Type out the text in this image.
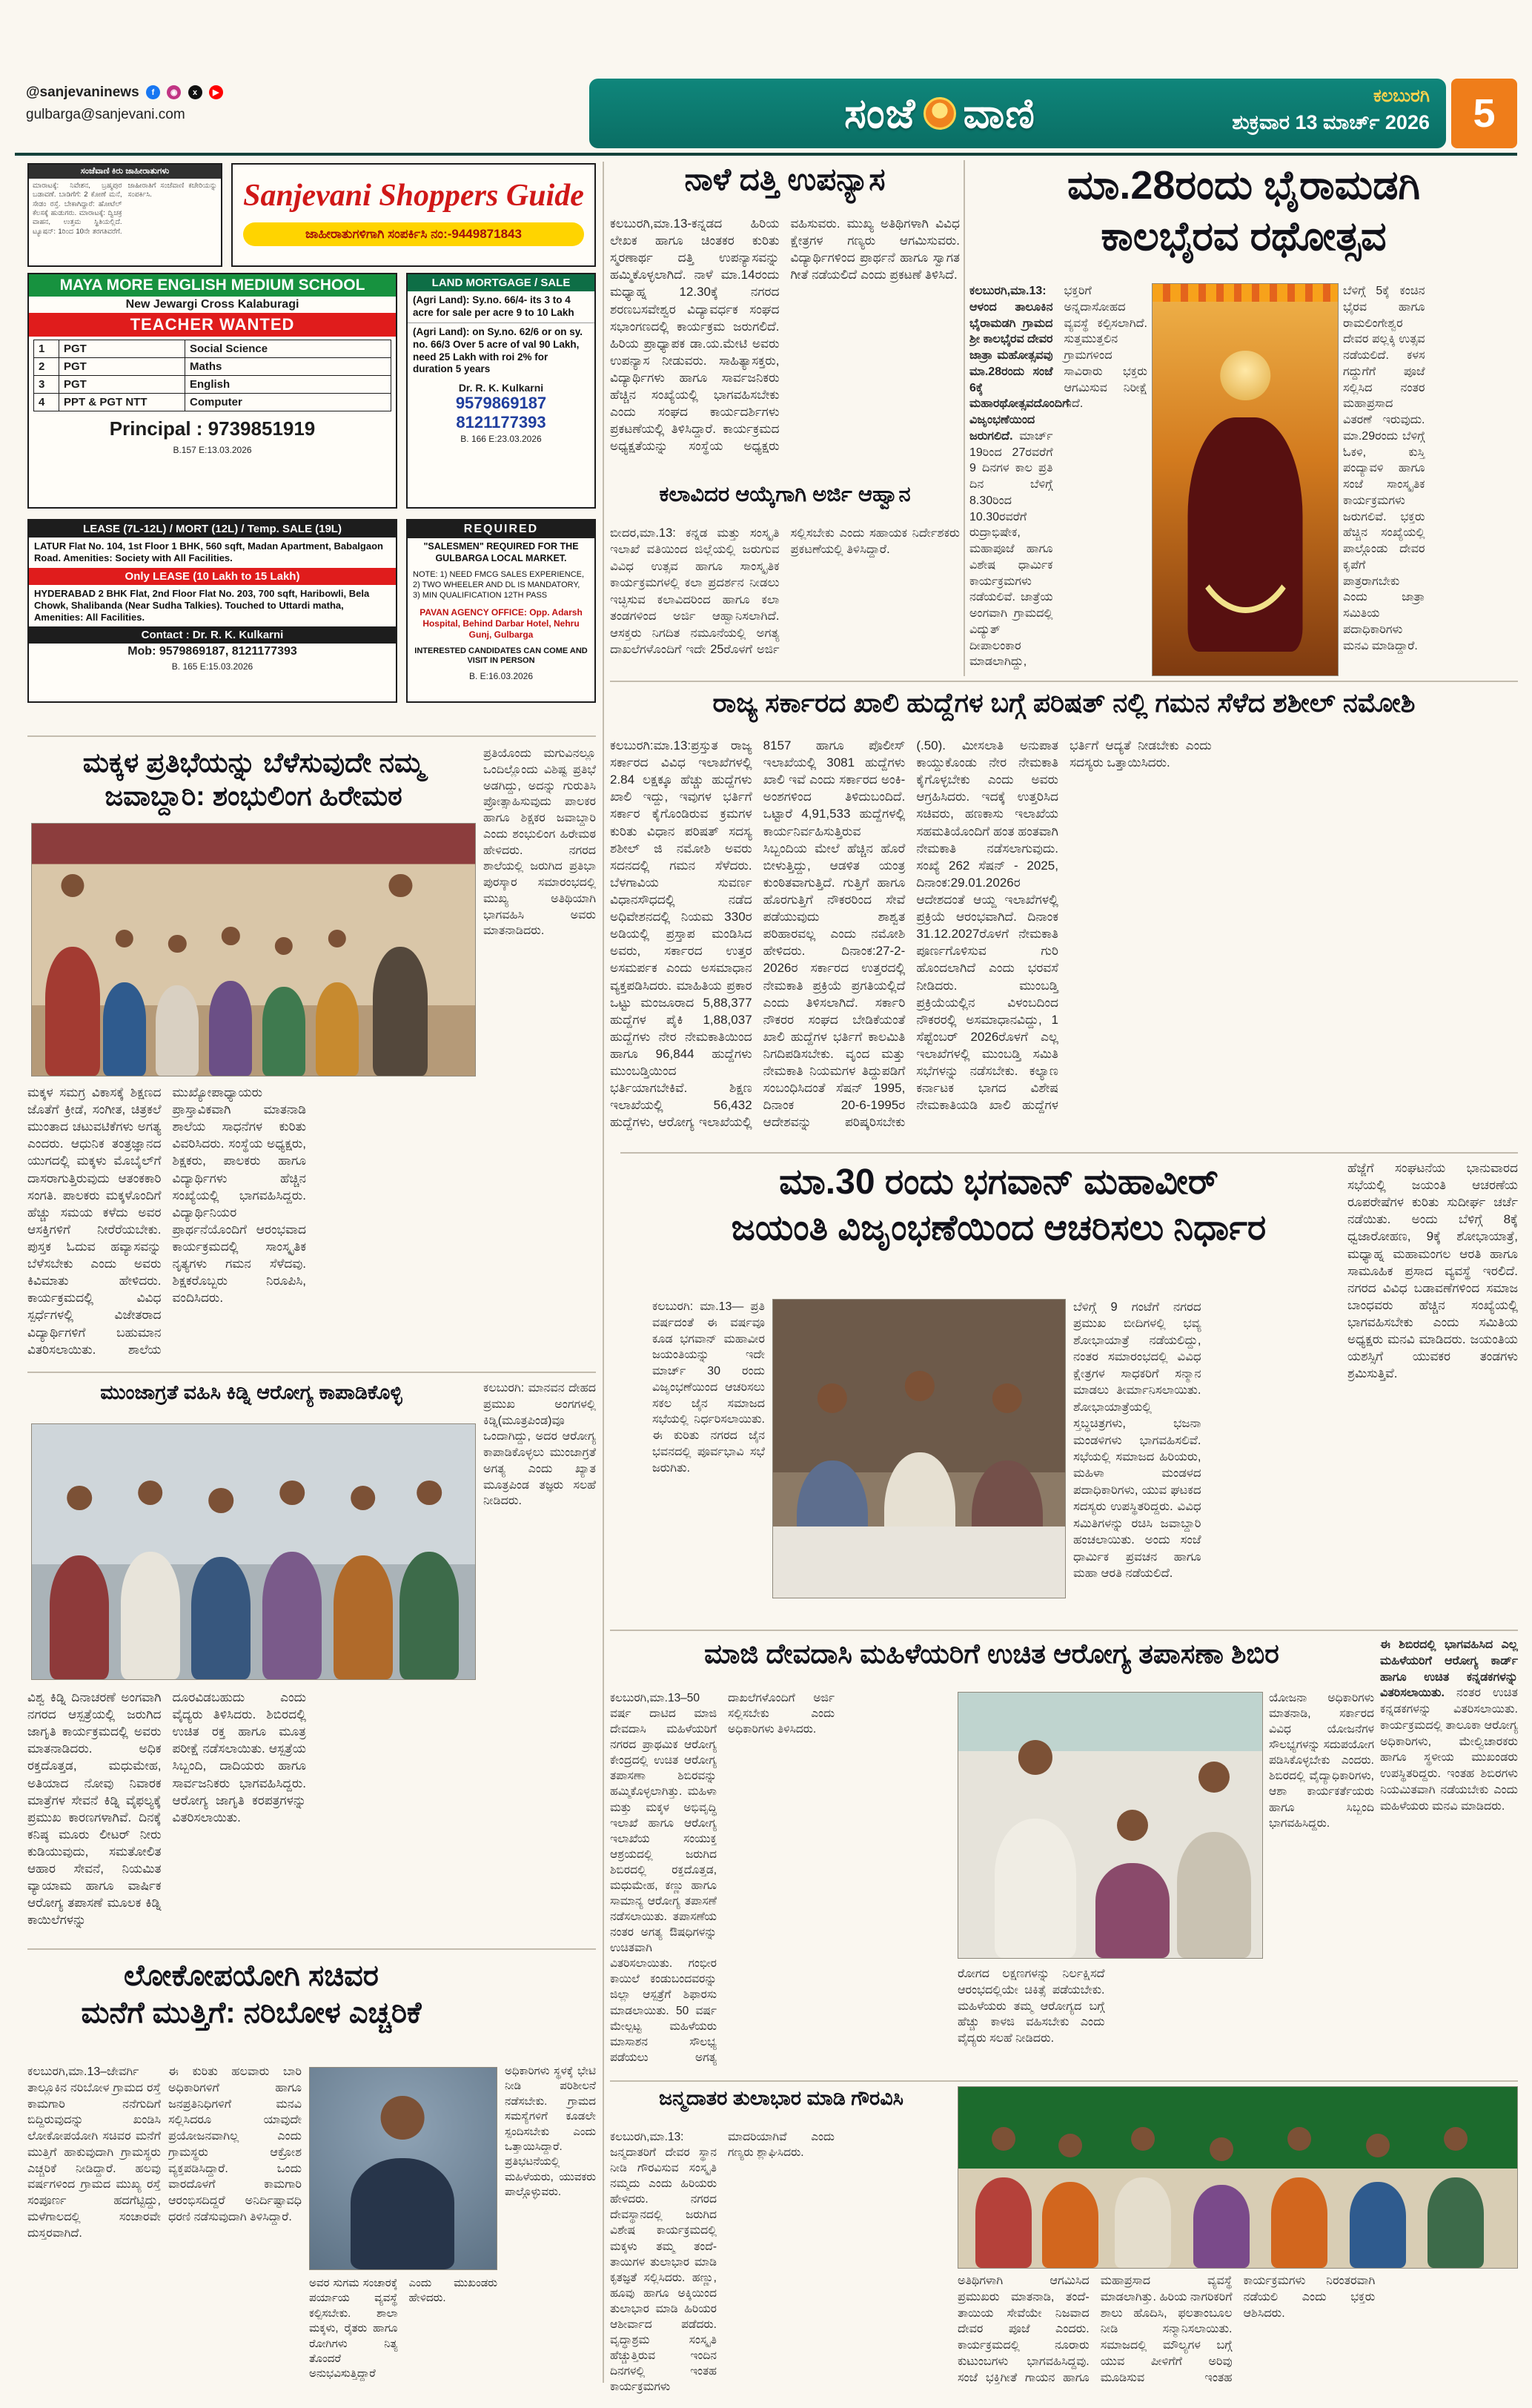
@sanjevaninews f ◉ x ▶
gulbarga@sanjevani.com	ಸಂಜೆ ವಾಣಿ	ಕಲಬುರಗಿ
ಶುಕ್ರವಾರ 13 ಮಾರ್ಚ್ 2026	5
ಸಂಜೆವಾಣಿ ಕಿರು ಜಾಹೀರಾತುಗಳು
ಮಾರಾಟಕ್ಕೆ: ನಿವೇಶನ, ಬ್ರಹ್ಮಪುರ ಬಡಾವಣೆ. ಬಾಡಿಗೆಗೆ: 2 ಕೋಣೆ ಮನೆ, ಸೇಡಂ ರಸ್ತೆ. ಬೇಕಾಗಿದ್ದಾರೆ: ಹೋಟೆಲ್ ಕೆಲಸಕ್ಕೆ ಹುಡುಗರು. ಮಾರಾಟಕ್ಕೆ: ದ್ವಿಚಕ್ರ ವಾಹನ, ಉತ್ತಮ ಸ್ಥಿತಿಯಲ್ಲಿದೆ. ಟ್ಯೂಷನ್: 1ರಿಂದ 10ನೇ ತರಗತಿವರೆಗೆ. ಜಾಹೀರಾತಿಗೆ ಸಂಜೆವಾಣಿ ಕಚೇರಿಯನ್ನು ಸಂಪರ್ಕಿಸಿ.	Sanjevani Shoppers Guide
ಜಾಹೀರಾತುಗಳಿಗಾಗಿ ಸಂಪರ್ಕಿಸಿ ನಂ:-9449871843
MAYA MORE ENGLISH MEDIUM SCHOOL
New Jewargi Cross Kalaburagi
TEACHER WANTED
1	PGT	Social Science
2	PGT	Maths
3	PGT	English
4	PPT & PGT NTT	Computer
Principal : 9739851919
B.157 E:13.03.2026
LAND MORTGAGE / SALE
(Agri Land): Sy.no. 66/4- its 3 to 4 acre for sale per acre 9 to 10 Lakh
(Agri Land): on Sy.no. 62/6 or on sy. no. 66/3 Over 5 acre of val 90 Lakh, need 25 Lakh with roi 2% for duration 5 years
Dr. R. K. Kulkarni
9579869187
8121177393
B. 166 E:23.03.2026
LEASE (7L-12L) / MORT (12L) / Temp. SALE (19L)
LATUR Flat No. 104, 1st Floor 1 BHK, 560 sqft, Madan Apartment, Babalgaon Road. Amenities: Society with All Facilities.
Only LEASE (10 Lakh to 15 Lakh)
HYDERABAD 2 BHK Flat, 2nd Floor Flat No. 203, 700 sqft, Haribowli, Bela Chowk, Shalibanda (Near Sudha Talkies). Touched to Uttardi matha, Amenities: All Facilities.
Contact : Dr. R. K. Kulkarni
Mob: 9579869187, 8121177393
B. 165 E:15.03.2026
REQUIRED
"SALESMEN" REQUIRED FOR THE GULBARGA LOCAL MARKET.
NOTE: 1) NEED FMCG SALES EXPERIENCE, 2) TWO WHEELER AND DL IS MANDATORY, 3) MIN QUALIFICATION 12TH PASS
PAVAN AGENCY OFFICE: Opp. Adarsh Hospital, Behind Darbar Hotel, Nehru Gunj, Gulbarga
INTERESTED CANDIDATES CAN COME AND VISIT IN PERSON
B. E:16.03.2026
ನಾಳೆ ದತ್ತಿ ಉಪನ್ಯಾಸ
ಕಲಬುರಗಿ,ಮಾ.13-ಕನ್ನಡದ ಹಿರಿಯ ಲೇಖಕ ಹಾಗೂ ಚಿಂತಕರ ಕುರಿತು ಸ್ಮರಣಾರ್ಥ ದತ್ತಿ ಉಪನ್ಯಾಸವನ್ನು ಹಮ್ಮಿಕೊಳ್ಳಲಾಗಿದೆ. ನಾಳೆ ಮಾ.14ರಂದು ಮಧ್ಯಾಹ್ನ 12.30ಕ್ಕೆ ನಗರದ ಶರಣಬಸವೇಶ್ವರ ವಿದ್ಯಾವರ್ಧಕ ಸಂಘದ ಸಭಾಂಗಣದಲ್ಲಿ ಕಾರ್ಯಕ್ರಮ ಜರುಗಲಿದೆ. ಹಿರಿಯ ಪ್ರಾಧ್ಯಾಪಕ ಡಾ.ಯ.ಮೇಟಿ ಅವರು ಉಪನ್ಯಾಸ ನೀಡುವರು. ಸಾಹಿತ್ಯಾಸಕ್ತರು, ವಿದ್ಯಾರ್ಥಿಗಳು ಹಾಗೂ ಸಾರ್ವಜನಿಕರು ಹೆಚ್ಚಿನ ಸಂಖ್ಯೆಯಲ್ಲಿ ಭಾಗವಹಿಸಬೇಕು ಎಂದು ಸಂಘದ ಕಾರ್ಯದರ್ಶಿಗಳು ಪ್ರಕಟಣೆಯಲ್ಲಿ ತಿಳಿಸಿದ್ದಾರೆ. ಕಾರ್ಯಕ್ರಮದ ಅಧ್ಯಕ್ಷತೆಯನ್ನು ಸಂಸ್ಥೆಯ ಅಧ್ಯಕ್ಷರು ವಹಿಸುವರು. ಮುಖ್ಯ ಅತಿಥಿಗಳಾಗಿ ವಿವಿಧ ಕ್ಷೇತ್ರಗಳ ಗಣ್ಯರು ಆಗಮಿಸುವರು. ವಿದ್ಯಾರ್ಥಿಗಳಿಂದ ಪ್ರಾರ್ಥನೆ ಹಾಗೂ ಸ್ವಾಗತ ಗೀತೆ ನಡೆಯಲಿದೆ ಎಂದು ಪ್ರಕಟಣೆ ತಿಳಿಸಿದೆ.
ಕಲಾವಿದರ ಆಯ್ಕೆಗಾಗಿ ಅರ್ಜಿ ಆಹ್ವಾನ
ಬೀದರ,ಮಾ.13: ಕನ್ನಡ ಮತ್ತು ಸಂಸ್ಕೃತಿ ಇಲಾಖೆ ವತಿಯಿಂದ ಜಿಲ್ಲೆಯಲ್ಲಿ ಜರುಗುವ ವಿವಿಧ ಉತ್ಸವ ಹಾಗೂ ಸಾಂಸ್ಕೃತಿಕ ಕಾರ್ಯಕ್ರಮಗಳಲ್ಲಿ ಕಲಾ ಪ್ರದರ್ಶನ ನೀಡಲು ಇಚ್ಛಿಸುವ ಕಲಾವಿದರಿಂದ ಹಾಗೂ ಕಲಾ ತಂಡಗಳಿಂದ ಅರ್ಜಿ ಆಹ್ವಾನಿಸಲಾಗಿದೆ. ಆಸಕ್ತರು ನಿಗದಿತ ನಮೂನೆಯಲ್ಲಿ ಅಗತ್ಯ ದಾಖಲೆಗಳೊಂದಿಗೆ ಇದೇ 25ರೊಳಗೆ ಅರ್ಜಿ ಸಲ್ಲಿಸಬೇಕು ಎಂದು ಸಹಾಯಕ ನಿರ್ದೇಶಕರು ಪ್ರಕಟಣೆಯಲ್ಲಿ ತಿಳಿಸಿದ್ದಾರೆ.
ಮಾ.28ರಂದು ಭೈರಾಮಡಗಿ
ಕಾಲಭೈರವ ರಥೋತ್ಸವ
ಕಲಬುರಗಿ,ಮಾ.13: ಆಳಂದ ತಾಲೂಕಿನ ಭೈರಾಮಡಗಿ ಗ್ರಾಮದ ಶ್ರೀ ಕಾಲಭೈರವ ದೇವರ ಜಾತ್ರಾ ಮಹೋತ್ಸವವು ಮಾ.28ರಂದು ಸಂಜೆ 6ಕ್ಕೆ ಮಹಾರಥೋತ್ಸವದೊಂದಿಗೆ ವಿಜೃಂಭಣೆಯಿಂದ ಜರುಗಲಿದೆ. ಮಾರ್ಚ್ 19ರಿಂದ 27ರವರೆಗೆ 9 ದಿನಗಳ ಕಾಲ ಪ್ರತಿ ದಿನ ಬೆಳಿಗ್ಗೆ 8.30ರಿಂದ 10.30ರವರೆಗೆ ರುದ್ರಾಭಿಷೇಕ, ಮಹಾಪೂಜೆ ಹಾಗೂ ವಿಶೇಷ ಧಾರ್ಮಿಕ ಕಾರ್ಯಕ್ರಮಗಳು ನಡೆಯಲಿವೆ. ಜಾತ್ರೆಯ ಅಂಗವಾಗಿ ಗ್ರಾಮದಲ್ಲಿ ವಿದ್ಯುತ್ ದೀಪಾಲಂಕಾರ ಮಾಡಲಾಗಿದ್ದು, ಭಕ್ತರಿಗೆ ಅನ್ನದಾಸೋಹದ ವ್ಯವಸ್ಥೆ ಕಲ್ಪಿಸಲಾಗಿದೆ. ಸುತ್ತಮುತ್ತಲಿನ ಗ್ರಾಮಗಳಿಂದ ಸಾವಿರಾರು ಭಕ್ತರು ಆಗಮಿಸುವ ನಿರೀಕ್ಷೆ ಇದೆ.
ಬೆಳಿಗ್ಗೆ 5ಕ್ಕೆ ಕಂಚಿನ ಭೈರವ ಹಾಗೂ ರಾಮಲಿಂಗೇಶ್ವರ ದೇವರ ಪಲ್ಲಕ್ಕಿ ಉತ್ಸವ ನಡೆಯಲಿದೆ. ಕಳಸ ಗದ್ದುಗೆಗೆ ಪೂಜೆ ಸಲ್ಲಿಸಿದ ನಂತರ ಮಹಾಪ್ರಸಾದ ವಿತರಣೆ ಇರುವುದು. ಮಾ.29ರಂದು ಬೆಳಿಗ್ಗೆ ಓಕಳಿ, ಕುಸ್ತಿ ಪಂದ್ಯಾವಳಿ ಹಾಗೂ ಸಂಜೆ ಸಾಂಸ್ಕೃತಿಕ ಕಾರ್ಯಕ್ರಮಗಳು ಜರುಗಲಿವೆ. ಭಕ್ತರು ಹೆಚ್ಚಿನ ಸಂಖ್ಯೆಯಲ್ಲಿ ಪಾಲ್ಗೊಂಡು ದೇವರ ಕೃಪೆಗೆ ಪಾತ್ರರಾಗಬೇಕು ಎಂದು ಜಾತ್ರಾ ಸಮಿತಿಯ ಪದಾಧಿಕಾರಿಗಳು ಮನವಿ ಮಾಡಿದ್ದಾರೆ.
ರಾಜ್ಯ ಸರ್ಕಾರದ ಖಾಲಿ ಹುದ್ದೆಗಳ ಬಗ್ಗೆ ಪರಿಷತ್ ನಲ್ಲಿ ಗಮನ ಸೆಳೆದ ಶಶೀಲ್ ನಮೋಶಿ
ಕಲಬುರಗಿ:ಮಾ.13:ಪ್ರಸ್ತುತ ರಾಜ್ಯ ಸರ್ಕಾರದ ವಿವಿಧ ಇಲಾಖೆಗಳಲ್ಲಿ 2.84 ಲಕ್ಷಕ್ಕೂ ಹೆಚ್ಚು ಹುದ್ದೆಗಳು ಖಾಲಿ ಇದ್ದು, ಇವುಗಳ ಭರ್ತಿಗೆ ಸರ್ಕಾರ ಕೈಗೊಂಡಿರುವ ಕ್ರಮಗಳ ಕುರಿತು ವಿಧಾನ ಪರಿಷತ್ ಸದಸ್ಯ ಶಶೀಲ್ ಜಿ ನಮೋಶಿ ಅವರು ಸದನದಲ್ಲಿ ಗಮನ ಸೆಳೆದರು. ಬೆಳಗಾವಿಯ ಸುವರ್ಣ ವಿಧಾನಸೌಧದಲ್ಲಿ ನಡೆದ ಅಧಿವೇಶನದಲ್ಲಿ ನಿಯಮ 330ರ ಅಡಿಯಲ್ಲಿ ಪ್ರಸ್ತಾಪ ಮಂಡಿಸಿದ ಅವರು, ಸರ್ಕಾರದ ಉತ್ತರ ಅಸಮರ್ಪಕ ಎಂದು ಅಸಮಾಧಾನ ವ್ಯಕ್ತಪಡಿಸಿದರು. ಮಾಹಿತಿಯ ಪ್ರಕಾರ ಒಟ್ಟು ಮಂಜೂರಾದ 5,88,377 ಹುದ್ದೆಗಳ ಪೈಕಿ 1,88,037 ಹುದ್ದೆಗಳು ನೇರ ನೇಮಕಾತಿಯಿಂದ ಹಾಗೂ 96,844 ಹುದ್ದೆಗಳು ಮುಂಬಡ್ತಿಯಿಂದ ಭರ್ತಿಯಾಗಬೇಕಿವೆ. ಶಿಕ್ಷಣ ಇಲಾಖೆಯಲ್ಲಿ 56,432 ಹುದ್ದೆಗಳು, ಆರೋಗ್ಯ ಇಲಾಖೆಯಲ್ಲಿ 8157 ಹಾಗೂ ಪೊಲೀಸ್ ಇಲಾಖೆಯಲ್ಲಿ 3081 ಹುದ್ದೆಗಳು ಖಾಲಿ ಇವೆ ಎಂದು ಸರ್ಕಾರದ ಅಂಕಿ-ಅಂಶಗಳಿಂದ ತಿಳಿದುಬಂದಿದೆ. ಒಟ್ಟಾರೆ 4,91,533 ಹುದ್ದೆಗಳಲ್ಲಿ ಕಾರ್ಯನಿರ್ವಹಿಸುತ್ತಿರುವ ಸಿಬ್ಬಂದಿಯ ಮೇಲೆ ಹೆಚ್ಚಿನ ಹೊರೆ ಬೀಳುತ್ತಿದ್ದು, ಆಡಳಿತ ಯಂತ್ರ ಕುಂಠಿತವಾಗುತ್ತಿದೆ. ಗುತ್ತಿಗೆ ಹಾಗೂ ಹೊರಗುತ್ತಿಗೆ ನೌಕರರಿಂದ ಸೇವೆ ಪಡೆಯುವುದು ಶಾಶ್ವತ ಪರಿಹಾರವಲ್ಲ ಎಂದು ನಮೋಶಿ ಹೇಳಿದರು. ದಿನಾಂಕ:27-2-2026ರ ಸರ್ಕಾರದ ಉತ್ತರದಲ್ಲಿ ನೇಮಕಾತಿ ಪ್ರಕ್ರಿಯೆ ಪ್ರಗತಿಯಲ್ಲಿದೆ ಎಂದು ತಿಳಿಸಲಾಗಿದೆ. ಸರ್ಕಾರಿ ನೌಕರರ ಸಂಘದ ಬೇಡಿಕೆಯಂತೆ ಖಾಲಿ ಹುದ್ದೆಗಳ ಭರ್ತಿಗೆ ಕಾಲಮಿತಿ ನಿಗದಿಪಡಿಸಬೇಕು. ವೃಂದ ಮತ್ತು ನೇಮಕಾತಿ ನಿಯಮಗಳ ತಿದ್ದುಪಡಿಗೆ ಸಂಬಂಧಿಸಿದಂತೆ ಸೆಷನ್ 1995, ದಿನಾಂಕ 20-6-1995ರ ಆದೇಶವನ್ನು ಪರಿಷ್ಕರಿಸಬೇಕು (.50). ಮೀಸಲಾತಿ ಅನುಪಾತ ಕಾಯ್ದುಕೊಂಡು ನೇರ ನೇಮಕಾತಿ ಕೈಗೊಳ್ಳಬೇಕು ಎಂದು ಅವರು ಆಗ್ರಹಿಸಿದರು. ಇದಕ್ಕೆ ಉತ್ತರಿಸಿದ ಸಚಿವರು, ಹಣಕಾಸು ಇಲಾಖೆಯ ಸಹಮತಿಯೊಂದಿಗೆ ಹಂತ ಹಂತವಾಗಿ ನೇಮಕಾತಿ ನಡೆಸಲಾಗುವುದು. ಸಂಖ್ಯೆ 262 ಸೆಷನ್ - 2025, ದಿನಾಂಕ:29.01.2026ರ ಆದೇಶದಂತೆ ಆಯ್ದ ಇಲಾಖೆಗಳಲ್ಲಿ ಪ್ರಕ್ರಿಯೆ ಆರಂಭವಾಗಿದೆ. ದಿನಾಂಕ 31.12.2027ರೊಳಗೆ ನೇಮಕಾತಿ ಪೂರ್ಣಗೊಳಿಸುವ ಗುರಿ ಹೊಂದಲಾಗಿದೆ ಎಂದು ಭರವಸೆ ನೀಡಿದರು. ಮುಂಬಡ್ತಿ ಪ್ರಕ್ರಿಯೆಯಲ್ಲಿನ ವಿಳಂಬದಿಂದ ನೌಕರರಲ್ಲಿ ಅಸಮಾಧಾನವಿದ್ದು, 1 ಸೆಪ್ಟೆಂಬರ್ 2026ರೊಳಗೆ ಎಲ್ಲ ಇಲಾಖೆಗಳಲ್ಲಿ ಮುಂಬಡ್ತಿ ಸಮಿತಿ ಸಭೆಗಳನ್ನು ನಡೆಸಬೇಕು. ಕಲ್ಯಾಣ ಕರ್ನಾಟಕ ಭಾಗದ ವಿಶೇಷ ನೇಮಕಾತಿಯಡಿ ಖಾಲಿ ಹುದ್ದೆಗಳ ಭರ್ತಿಗೆ ಆದ್ಯತೆ ನೀಡಬೇಕು ಎಂದು ಸದಸ್ಯರು ಒತ್ತಾಯಿಸಿದರು.
ಮಕ್ಕಳ ಪ್ರತಿಭೆಯನ್ನು ಬೆಳೆಸುವುದೇ ನಮ್ಮ
ಜವಾಬ್ದಾರಿ: ಶಂಭುಲಿಂಗ ಹಿರೇಮಠ
ಪ್ರತಿಯೊಂದು ಮಗುವಿನಲ್ಲೂ ಒಂದಿಲ್ಲೊಂದು ವಿಶಿಷ್ಟ ಪ್ರತಿಭೆ ಅಡಗಿದ್ದು, ಅದನ್ನು ಗುರುತಿಸಿ ಪ್ರೋತ್ಸಾಹಿಸುವುದು ಪಾಲಕರ ಹಾಗೂ ಶಿಕ್ಷಕರ ಜವಾಬ್ದಾರಿ ಎಂದು ಶಂಭುಲಿಂಗ ಹಿರೇಮಠ ಹೇಳಿದರು. ನಗರದ ಶಾಲೆಯಲ್ಲಿ ಜರುಗಿದ ಪ್ರತಿಭಾ ಪುರಸ್ಕಾರ ಸಮಾರಂಭದಲ್ಲಿ ಮುಖ್ಯ ಅತಿಥಿಯಾಗಿ ಭಾಗವಹಿಸಿ ಅವರು ಮಾತನಾಡಿದರು.
ಮಕ್ಕಳ ಸಮಗ್ರ ವಿಕಾಸಕ್ಕೆ ಶಿಕ್ಷಣದ ಜೊತೆಗೆ ಕ್ರೀಡೆ, ಸಂಗೀತ, ಚಿತ್ರಕಲೆ ಮುಂತಾದ ಚಟುವಟಿಕೆಗಳು ಅಗತ್ಯ ಎಂದರು. ಆಧುನಿಕ ತಂತ್ರಜ್ಞಾನದ ಯುಗದಲ್ಲಿ ಮಕ್ಕಳು ಮೊಬೈಲ್‌ಗೆ ದಾಸರಾಗುತ್ತಿರುವುದು ಆತಂಕಕಾರಿ ಸಂಗತಿ. ಪಾಲಕರು ಮಕ್ಕಳೊಂದಿಗೆ ಹೆಚ್ಚು ಸಮಯ ಕಳೆದು ಅವರ ಆಸಕ್ತಿಗಳಿಗೆ ನೀರೆರೆಯಬೇಕು. ಪುಸ್ತಕ ಓದುವ ಹವ್ಯಾಸವನ್ನು ಬೆಳೆಸಬೇಕು ಎಂದು ಅವರು ಕಿವಿಮಾತು ಹೇಳಿದರು. ಕಾರ್ಯಕ್ರಮದಲ್ಲಿ ವಿವಿಧ ಸ್ಪರ್ಧೆಗಳಲ್ಲಿ ವಿಜೇತರಾದ ವಿದ್ಯಾರ್ಥಿಗಳಿಗೆ ಬಹುಮಾನ ವಿತರಿಸಲಾಯಿತು. ಶಾಲೆಯ ಮುಖ್ಯೋಪಾಧ್ಯಾಯರು ಪ್ರಾಸ್ತಾವಿಕವಾಗಿ ಮಾತನಾಡಿ ಶಾಲೆಯ ಸಾಧನೆಗಳ ಕುರಿತು ವಿವರಿಸಿದರು. ಸಂಸ್ಥೆಯ ಅಧ್ಯಕ್ಷರು, ಶಿಕ್ಷಕರು, ಪಾಲಕರು ಹಾಗೂ ವಿದ್ಯಾರ್ಥಿಗಳು ಹೆಚ್ಚಿನ ಸಂಖ್ಯೆಯಲ್ಲಿ ಭಾಗವಹಿಸಿದ್ದರು. ವಿದ್ಯಾರ್ಥಿನಿಯರ ಪ್ರಾರ್ಥನೆಯೊಂದಿಗೆ ಆರಂಭವಾದ ಕಾರ್ಯಕ್ರಮದಲ್ಲಿ ಸಾಂಸ್ಕೃತಿಕ ನೃತ್ಯಗಳು ಗಮನ ಸೆಳೆದವು. ಶಿಕ್ಷಕರೊಬ್ಬರು ನಿರೂಪಿಸಿ, ವಂದಿಸಿದರು.
ಮುಂಜಾಗ್ರತೆ ವಹಿಸಿ ಕಿಡ್ನಿ ಆರೋಗ್ಯ ಕಾಪಾಡಿಕೊಳ್ಳಿ	ಕಲಬುರಗಿ: ಮಾನವನ ದೇಹದ ಪ್ರಮುಖ ಅಂಗಗಳಲ್ಲಿ ಕಿಡ್ನಿ(ಮೂತ್ರಪಿಂಡ)ವೂ ಒಂದಾಗಿದ್ದು, ಅದರ ಆರೋಗ್ಯ ಕಾಪಾಡಿಕೊಳ್ಳಲು ಮುಂಜಾಗ್ರತೆ ಅಗತ್ಯ ಎಂದು ಖ್ಯಾತ ಮೂತ್ರಪಿಂಡ ತಜ್ಞರು ಸಲಹೆ ನೀಡಿದರು.
ವಿಶ್ವ ಕಿಡ್ನಿ ದಿನಾಚರಣೆ ಅಂಗವಾಗಿ ನಗರದ ಆಸ್ಪತ್ರೆಯಲ್ಲಿ ಜರುಗಿದ ಜಾಗೃತಿ ಕಾರ್ಯಕ್ರಮದಲ್ಲಿ ಅವರು ಮಾತನಾಡಿದರು. ಅಧಿಕ ರಕ್ತದೊತ್ತಡ, ಮಧುಮೇಹ, ಅತಿಯಾದ ನೋವು ನಿವಾರಕ ಮಾತ್ರೆಗಳ ಸೇವನೆ ಕಿಡ್ನಿ ವೈಫಲ್ಯಕ್ಕೆ ಪ್ರಮುಖ ಕಾರಣಗಳಾಗಿವೆ. ದಿನಕ್ಕೆ ಕನಿಷ್ಠ ಮೂರು ಲೀಟರ್ ನೀರು ಕುಡಿಯುವುದು, ಸಮತೋಲಿತ ಆಹಾರ ಸೇವನೆ, ನಿಯಮಿತ ವ್ಯಾಯಾಮ ಹಾಗೂ ವಾರ್ಷಿಕ ಆರೋಗ್ಯ ತಪಾಸಣೆ ಮೂಲಕ ಕಿಡ್ನಿ ಕಾಯಿಲೆಗಳನ್ನು ದೂರವಿಡಬಹುದು ಎಂದು ವೈದ್ಯರು ತಿಳಿಸಿದರು. ಶಿಬಿರದಲ್ಲಿ ಉಚಿತ ರಕ್ತ ಹಾಗೂ ಮೂತ್ರ ಪರೀಕ್ಷೆ ನಡೆಸಲಾಯಿತು. ಆಸ್ಪತ್ರೆಯ ಸಿಬ್ಬಂದಿ, ದಾದಿಯರು ಹಾಗೂ ಸಾರ್ವಜನಿಕರು ಭಾಗವಹಿಸಿದ್ದರು. ಆರೋಗ್ಯ ಜಾಗೃತಿ ಕರಪತ್ರಗಳನ್ನು ವಿತರಿಸಲಾಯಿತು.
ಮಾ.30 ರಂದು ಭಗವಾನ್ ಮಹಾವೀರ್
ಜಯಂತಿ ವಿಜೃಂಭಣೆಯಿಂದ ಆಚರಿಸಲು ನಿರ್ಧಾರ
ಕಲಬುರಗಿ: ಮಾ.13— ಪ್ರತಿ ವರ್ಷದಂತೆ ಈ ವರ್ಷವೂ ಕೂಡ ಭಗವಾನ್ ಮಹಾವೀರ ಜಯಂತಿಯನ್ನು ಇದೇ ಮಾರ್ಚ್ 30 ರಂದು ವಿಜೃಂಭಣೆಯಿಂದ ಆಚರಿಸಲು ಸಕಲ ಜೈನ ಸಮಾಜದ ಸಭೆಯಲ್ಲಿ ನಿರ್ಧರಿಸಲಾಯಿತು. ಈ ಕುರಿತು ನಗರದ ಜೈನ ಭವನದಲ್ಲಿ ಪೂರ್ವಭಾವಿ ಸಭೆ ಜರುಗಿತು.
ಬೆಳಿಗ್ಗೆ 9 ಗಂಟೆಗೆ ನಗರದ ಪ್ರಮುಖ ಬೀದಿಗಳಲ್ಲಿ ಭವ್ಯ ಶೋಭಾಯಾತ್ರೆ ನಡೆಯಲಿದ್ದು, ನಂತರ ಸಮಾರಂಭದಲ್ಲಿ ವಿವಿಧ ಕ್ಷೇತ್ರಗಳ ಸಾಧಕರಿಗೆ ಸನ್ಮಾನ ಮಾಡಲು ತೀರ್ಮಾನಿಸಲಾಯಿತು. ಶೋಭಾಯಾತ್ರೆಯಲ್ಲಿ ಸ್ತಬ್ಧಚಿತ್ರಗಳು, ಭಜನಾ ಮಂಡಳಿಗಳು ಭಾಗವಹಿಸಲಿವೆ. ಸಭೆಯಲ್ಲಿ ಸಮಾಜದ ಹಿರಿಯರು, ಮಹಿಳಾ ಮಂಡಳದ ಪದಾಧಿಕಾರಿಗಳು, ಯುವ ಘಟಕದ ಸದಸ್ಯರು ಉಪಸ್ಥಿತರಿದ್ದರು. ವಿವಿಧ ಸಮಿತಿಗಳನ್ನು ರಚಿಸಿ ಜವಾಬ್ದಾರಿ ಹಂಚಲಾಯಿತು. ಅಂದು ಸಂಜೆ ಧಾರ್ಮಿಕ ಪ್ರವಚನ ಹಾಗೂ ಮಹಾ ಆರತಿ ನಡೆಯಲಿದೆ.
ಹೆಜ್ಜೆಗೆ ಸಂಘಟನೆಯ ಭಾನುವಾರದ ಸಭೆಯಲ್ಲಿ ಜಯಂತಿ ಆಚರಣೆಯ ರೂಪರೇಷೆಗಳ ಕುರಿತು ಸುದೀರ್ಘ ಚರ್ಚೆ ನಡೆಯಿತು. ಅಂದು ಬೆಳಿಗ್ಗೆ 8ಕ್ಕೆ ಧ್ವಜಾರೋಹಣ, 9ಕ್ಕೆ ಶೋಭಾಯಾತ್ರೆ, ಮಧ್ಯಾಹ್ನ ಮಹಾಮಂಗಲ ಆರತಿ ಹಾಗೂ ಸಾಮೂಹಿಕ ಪ್ರಸಾದ ವ್ಯವಸ್ಥೆ ಇರಲಿದೆ. ನಗರದ ವಿವಿಧ ಬಡಾವಣೆಗಳಿಂದ ಸಮಾಜ ಬಾಂಧವರು ಹೆಚ್ಚಿನ ಸಂಖ್ಯೆಯಲ್ಲಿ ಭಾಗವಹಿಸಬೇಕು ಎಂದು ಸಮಿತಿಯ ಅಧ್ಯಕ್ಷರು ಮನವಿ ಮಾಡಿದರು. ಜಯಂತಿಯ ಯಶಸ್ಸಿಗೆ ಯುವಕರ ತಂಡಗಳು ಶ್ರಮಿಸುತ್ತಿವೆ.
ಮಾಜಿ ದೇವದಾಸಿ ಮಹಿಳೆಯರಿಗೆ ಉಚಿತ ಆರೋಗ್ಯ ತಪಾಸಣಾ ಶಿಬಿರ
ಕಲಬುರಗಿ,ಮಾ.13–50 ವರ್ಷ ದಾಟಿದ ಮಾಜಿ ದೇವದಾಸಿ ಮಹಿಳೆಯರಿಗೆ ನಗರದ ಪ್ರಾಥಮಿಕ ಆರೋಗ್ಯ ಕೇಂದ್ರದಲ್ಲಿ ಉಚಿತ ಆರೋಗ್ಯ ತಪಾಸಣಾ ಶಿಬಿರವನ್ನು ಹಮ್ಮಿಕೊಳ್ಳಲಾಗಿತ್ತು. ಮಹಿಳಾ ಮತ್ತು ಮಕ್ಕಳ ಅಭಿವೃದ್ಧಿ ಇಲಾಖೆ ಹಾಗೂ ಆರೋಗ್ಯ ಇಲಾಖೆಯ ಸಂಯುಕ್ತ ಆಶ್ರಯದಲ್ಲಿ ಜರುಗಿದ ಶಿಬಿರದಲ್ಲಿ ರಕ್ತದೊತ್ತಡ, ಮಧುಮೇಹ, ಕಣ್ಣು ಹಾಗೂ ಸಾಮಾನ್ಯ ಆರೋಗ್ಯ ತಪಾಸಣೆ ನಡೆಸಲಾಯಿತು. ತಪಾಸಣೆಯ ನಂತರ ಅಗತ್ಯ ಔಷಧಿಗಳನ್ನು ಉಚಿತವಾಗಿ ವಿತರಿಸಲಾಯಿತು. ಗಂಭೀರ ಕಾಯಿಲೆ ಕಂಡುಬಂದವರನ್ನು ಜಿಲ್ಲಾ ಆಸ್ಪತ್ರೆಗೆ ಶಿಫಾರಸು ಮಾಡಲಾಯಿತು. 50 ವರ್ಷ ಮೇಲ್ಪಟ್ಟ ಮಹಿಳೆಯರು ಮಾಸಾಶನ ಸೌಲಭ್ಯ ಪಡೆಯಲು ಅಗತ್ಯ ದಾಖಲೆಗಳೊಂದಿಗೆ ಅರ್ಜಿ ಸಲ್ಲಿಸಬೇಕು ಎಂದು ಅಧಿಕಾರಿಗಳು ತಿಳಿಸಿದರು.
ರೋಗದ ಲಕ್ಷಣಗಳನ್ನು ನಿರ್ಲಕ್ಷಿಸದೆ ಆರಂಭದಲ್ಲಿಯೇ ಚಿಕಿತ್ಸೆ ಪಡೆಯಬೇಕು. ಮಹಿಳೆಯರು ತಮ್ಮ ಆರೋಗ್ಯದ ಬಗ್ಗೆ ಹೆಚ್ಚು ಕಾಳಜಿ ವಹಿಸಬೇಕು ಎಂದು ವೈದ್ಯರು ಸಲಹೆ ನೀಡಿದರು.
ಯೋಜನಾ ಅಧಿಕಾರಿಗಳು ಮಾತನಾಡಿ, ಸರ್ಕಾರದ ವಿವಿಧ ಯೋಜನೆಗಳ ಸೌಲಭ್ಯಗಳನ್ನು ಸದುಪಯೋಗ ಪಡಿಸಿಕೊಳ್ಳಬೇಕು ಎಂದರು. ಶಿಬಿರದಲ್ಲಿ ವೈದ್ಯಾಧಿಕಾರಿಗಳು, ಆಶಾ ಕಾರ್ಯಕರ್ತೆಯರು ಹಾಗೂ ಸಿಬ್ಬಂದಿ ಭಾಗವಹಿಸಿದ್ದರು.
ಈ ಶಿಬಿರದಲ್ಲಿ ಭಾಗವಹಿಸಿದ ಎಲ್ಲ ಮಹಿಳೆಯರಿಗೆ ಆರೋಗ್ಯ ಕಾರ್ಡ್ ಹಾಗೂ ಉಚಿತ ಕನ್ನಡಕಗಳನ್ನು ವಿತರಿಸಲಾಯಿತು. ನಂತರ ಉಚಿತ ಕನ್ನಡಕಗಳನ್ನು ವಿತರಿಸಲಾಯಿತು. ಕಾರ್ಯಕ್ರಮದಲ್ಲಿ ತಾಲೂಕಾ ಆರೋಗ್ಯ ಅಧಿಕಾರಿಗಳು, ಮೇಲ್ವಿಚಾರಕರು ಹಾಗೂ ಸ್ಥಳೀಯ ಮುಖಂಡರು ಉಪಸ್ಥಿತರಿದ್ದರು. ಇಂತಹ ಶಿಬಿರಗಳು ನಿಯಮಿತವಾಗಿ ನಡೆಯಬೇಕು ಎಂದು ಮಹಿಳೆಯರು ಮನವಿ ಮಾಡಿದರು.
ಲೋಕೋಪಯೋಗಿ ಸಚಿವರ
ಮನೆಗೆ ಮುತ್ತಿಗೆ: ನರಿಬೋಳ ಎಚ್ಚರಿಕೆ
ಕಲಬುರಗಿ,ಮಾ.13–ಜೇವರ್ಗಿ ತಾಲ್ಲೂಕಿನ ನರಿಬೋಳ ಗ್ರಾಮದ ರಸ್ತೆ ಕಾಮಗಾರಿ ನನೆಗುದಿಗೆ ಬಿದ್ದಿರುವುದನ್ನು ಖಂಡಿಸಿ ಲೋಕೋಪಯೋಗಿ ಸಚಿವರ ಮನೆಗೆ ಮುತ್ತಿಗೆ ಹಾಕುವುದಾಗಿ ಗ್ರಾಮಸ್ಥರು ಎಚ್ಚರಿಕೆ ನೀಡಿದ್ದಾರೆ. ಹಲವು ವರ್ಷಗಳಿಂದ ಗ್ರಾಮದ ಮುಖ್ಯ ರಸ್ತೆ ಸಂಪೂರ್ಣ ಹದಗೆಟ್ಟಿದ್ದು, ಮಳೆಗಾಲದಲ್ಲಿ ಸಂಚಾರವೇ ದುಸ್ತರವಾಗಿದೆ.
ಈ ಕುರಿತು ಹಲವಾರು ಬಾರಿ ಅಧಿಕಾರಿಗಳಿಗೆ ಹಾಗೂ ಜನಪ್ರತಿನಿಧಿಗಳಿಗೆ ಮನವಿ ಸಲ್ಲಿಸಿದರೂ ಯಾವುದೇ ಪ್ರಯೋಜನವಾಗಿಲ್ಲ ಎಂದು ಗ್ರಾಮಸ್ಥರು ಆಕ್ರೋಶ ವ್ಯಕ್ತಪಡಿಸಿದ್ದಾರೆ. ಒಂದು ವಾರದೊಳಗೆ ಕಾಮಗಾರಿ ಆರಂಭಿಸದಿದ್ದರೆ ಅನಿರ್ದಿಷ್ಟಾವಧಿ ಧರಣಿ ನಡೆಸುವುದಾಗಿ ತಿಳಿಸಿದ್ದಾರೆ.
ಅವರ ಸುಗಮ ಸಂಚಾರಕ್ಕೆ ಪರ್ಯಾಯ ವ್ಯವಸ್ಥೆ ಕಲ್ಪಿಸಬೇಕು. ಶಾಲಾ ಮಕ್ಕಳು, ರೈತರು ಹಾಗೂ ರೋಗಿಗಳು ನಿತ್ಯ ತೊಂದರೆ ಅನುಭವಿಸುತ್ತಿದ್ದಾರೆ ಎಂದು ಮುಖಂಡರು ಹೇಳಿದರು.
ಅಧಿಕಾರಿಗಳು ಸ್ಥಳಕ್ಕೆ ಭೇಟಿ ನೀಡಿ ಪರಿಶೀಲನೆ ನಡೆಸಬೇಕು. ಗ್ರಾಮದ ಸಮಸ್ಯೆಗಳಿಗೆ ಕೂಡಲೇ ಸ್ಪಂದಿಸಬೇಕು ಎಂದು ಒತ್ತಾಯಿಸಿದ್ದಾರೆ. ಪ್ರತಿಭಟನೆಯಲ್ಲಿ ಮಹಿಳೆಯರು, ಯುವಕರು ಪಾಲ್ಗೊಳ್ಳುವರು.
ಜನ್ಮದಾತರ ತುಲಾಭಾರ ಮಾಡಿ ಗೌರವಿಸಿ
ಕಲಬುರಗಿ,ಮಾ.13: ಜನ್ಮದಾತರಿಗೆ ದೇವರ ಸ್ಥಾನ ನೀಡಿ ಗೌರವಿಸುವ ಸಂಸ್ಕೃತಿ ನಮ್ಮದು ಎಂದು ಹಿರಿಯರು ಹೇಳಿದರು. ನಗರದ ದೇವಸ್ಥಾನದಲ್ಲಿ ಜರುಗಿದ ವಿಶೇಷ ಕಾರ್ಯಕ್ರಮದಲ್ಲಿ ಮಕ್ಕಳು ತಮ್ಮ ತಂದೆ-ತಾಯಿಗಳ ತುಲಾಭಾರ ಮಾಡಿ ಕೃತಜ್ಞತೆ ಸಲ್ಲಿಸಿದರು. ಹಣ್ಣು, ಹೂವು ಹಾಗೂ ಅಕ್ಕಿಯಿಂದ ತುಲಾಭಾರ ಮಾಡಿ ಹಿರಿಯರ ಆಶೀರ್ವಾದ ಪಡೆದರು. ವೃದ್ಧಾಶ್ರಮ ಸಂಸ್ಕೃತಿ ಹೆಚ್ಚುತ್ತಿರುವ ಇಂದಿನ ದಿನಗಳಲ್ಲಿ ಇಂತಹ ಕಾರ್ಯಕ್ರಮಗಳು ಮಾದರಿಯಾಗಿವೆ ಎಂದು ಗಣ್ಯರು ಶ್ಲಾಘಿಸಿದರು.
ಅತಿಥಿಗಳಾಗಿ ಆಗಮಿಸಿದ ಪ್ರಮುಖರು ಮಾತನಾಡಿ, ತಂದೆ-ತಾಯಿಯ ಸೇವೆಯೇ ನಿಜವಾದ ದೇವರ ಪೂಜೆ ಎಂದರು. ಕಾರ್ಯಕ್ರಮದಲ್ಲಿ ನೂರಾರು ಕುಟುಂಬಗಳು ಭಾಗವಹಿಸಿದ್ದವು. ಸಂಜೆ ಭಕ್ತಿಗೀತೆ ಗಾಯನ ಹಾಗೂ ಮಹಾಪ್ರಸಾದ ವ್ಯವಸ್ಥೆ ಮಾಡಲಾಗಿತ್ತು. ಹಿರಿಯ ನಾಗರಿಕರಿಗೆ ಶಾಲು ಹೊದಿಸಿ, ಫಲತಾಂಬೂಲ ನೀಡಿ ಸನ್ಮಾನಿಸಲಾಯಿತು. ಸಮಾಜದಲ್ಲಿ ಮೌಲ್ಯಗಳ ಬಗ್ಗೆ ಯುವ ಪೀಳಿಗೆಗೆ ಅರಿವು ಮೂಡಿಸುವ ಇಂತಹ ಕಾರ್ಯಕ್ರಮಗಳು ನಿರಂತರವಾಗಿ ನಡೆಯಲಿ ಎಂದು ಭಕ್ತರು ಆಶಿಸಿದರು.
